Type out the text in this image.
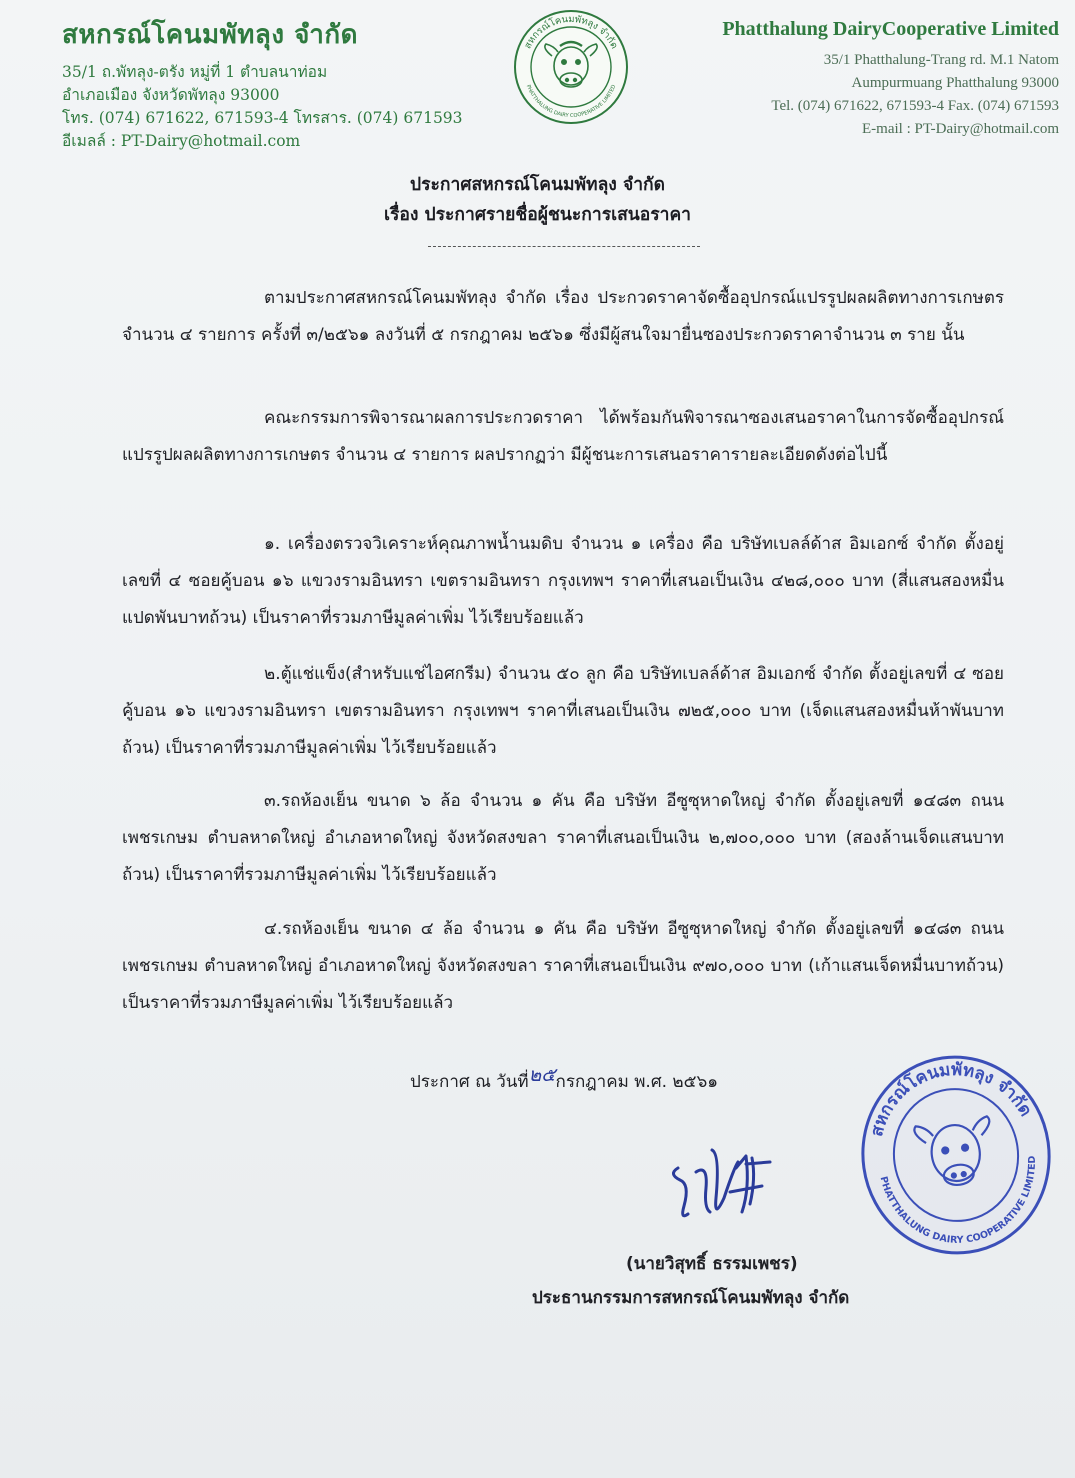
สหกรณ์โคนมพัทลุง จำกัด
35/1 ถ.พัทลุง-ตรัง หมู่ที่ 1 ตำบลนาท่อม
อำเภอเมือง จังหวัดพัทลุง 93000
โทร. (074) 671622, 671593-4 โทรสาร. (074) 671593
อีเมลล์ : PT-Dairy@hotmail.com
สหกรณ์โคนมพัทลุง จำกัด
PHATTHALUNG DAIRY COOPERATIVE LIMITED
Phatthalung DairyCooperative Limited
35/1 Phatthalung-Trang rd. M.1 Natom
Aumpurmuang Phatthalung 93000
Tel. (074) 671622, 671593-4 Fax. (074) 671593
E-mail : PT-Dairy@hotmail.com
ประกาศสหกรณ์โคนมพัทลุง จำกัด
เรื่อง ประกาศรายชื่อผู้ชนะการเสนอราคา
ตามประกาศสหกรณ์โคนมพัทลุง จำกัด เรื่อง ประกวดราคาจัดซื้ออุปกรณ์แปรรูปผลผลิตทางการเกษตร จำนวน ๔ รายการ ครั้งที่ ๓/๒๕๖๑ ลงวันที่ ๕ กรกฎาคม ๒๕๖๑ ซึ่งมีผู้สนใจมายื่นซองประกวดราคาจำนวน ๓ ราย นั้น
คณะกรรมการพิจารณาผลการประกวดราคา ได้พร้อมกันพิจารณาซองเสนอราคาในการจัดซื้ออุปกรณ์แปรรูปผลผลิตทางการเกษตร จำนวน ๔ รายการ ผลปรากฏว่า มีผู้ชนะการเสนอราคารายละเอียดดังต่อไปนี้
๑. เครื่องตรวจวิเคราะห์คุณภาพน้ำนมดิบ จำนวน ๑ เครื่อง คือ บริษัทเบลล์ด้าส อิมเอกซ์ จำกัด ตั้งอยู่เลขที่ ๔ ซอยคู้บอน ๑๖ แขวงรามอินทรา เขตรามอินทรา กรุงเทพฯ ราคาที่เสนอเป็นเงิน ๔๒๘,๐๐๐ บาท (สี่แสนสองหมื่นแปดพันบาทถ้วน) เป็นราคาที่รวมภาษีมูลค่าเพิ่ม ไว้เรียบร้อยแล้ว
๒.ตู้แช่แข็ง(สำหรับแช่ไอศกรีม) จำนวน ๕๐ ลูก คือ บริษัทเบลล์ด้าส อิมเอกซ์ จำกัด ตั้งอยู่เลขที่ ๔ ซอยคู้บอน ๑๖ แขวงรามอินทรา เขตรามอินทรา กรุงเทพฯ ราคาที่เสนอเป็นเงิน ๗๒๕,๐๐๐ บาท (เจ็ดแสนสองหมื่นห้าพันบาทถ้วน) เป็นราคาที่รวมภาษีมูลค่าเพิ่ม ไว้เรียบร้อยแล้ว
๓.รถห้องเย็น ขนาด ๖ ล้อ จำนวน ๑ คัน คือ บริษัท อีซูซุหาดใหญ่ จำกัด ตั้งอยู่เลขที่ ๑๔๘๓ ถนนเพชรเกษม ตำบลหาดใหญ่ อำเภอหาดใหญ่ จังหวัดสงขลา ราคาที่เสนอเป็นเงิน ๒,๗๐๐,๐๐๐ บาท (สองล้านเจ็ดแสนบาทถ้วน) เป็นราคาที่รวมภาษีมูลค่าเพิ่ม ไว้เรียบร้อยแล้ว
๔.รถห้องเย็น ขนาด ๔ ล้อ จำนวน ๑ คัน คือ บริษัท อีซูซุหาดใหญ่ จำกัด ตั้งอยู่เลขที่ ๑๔๘๓ ถนนเพชรเกษม ตำบลหาดใหญ่ อำเภอหาดใหญ่ จังหวัดสงขลา ราคาที่เสนอเป็นเงิน ๙๗๐,๐๐๐ บาท (เก้าแสนเจ็ดหมื่นบาทถ้วน) เป็นราคาที่รวมภาษีมูลค่าเพิ่ม ไว้เรียบร้อยแล้ว
ประกาศ ณ วันที่๒๕กรกฎาคม พ.ศ. ๒๕๖๑
(นายวิสุทธิ์ ธรรมเพชร)
ประธานกรรมการสหกรณ์โคนมพัทลุง จำกัด
สหกรณ์โคนมพัทลุง จำกัด
PHATTHALUNG DAIRY COOPERATIVE LIMITED
